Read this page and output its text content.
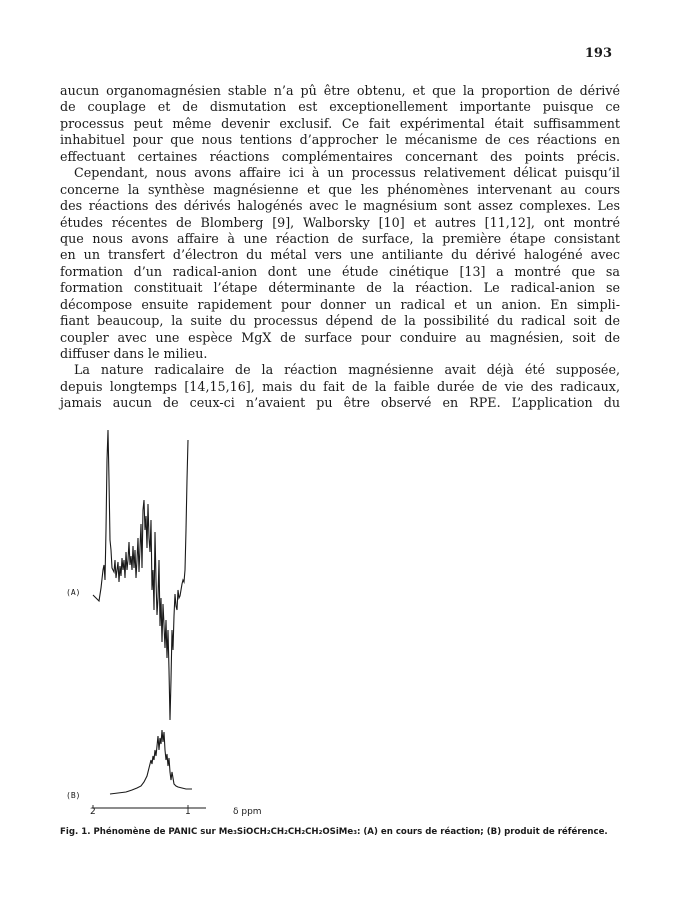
193
aucun organomagnésien stable n’a pû être obtenu, et que la proportion de dérivé
de couplage et de dismutation est exceptionellement importante puisque ce
processus peut même devenir exclusif. Ce fait expérimental était suffisamment
inhabituel pour que nous tentions d’approcher le mécanisme de ces réactions en
effectuant certaines réactions complémentaires concernant des points précis.
Cependant, nous avons affaire ici à un processus relativement délicat puisqu’il
concerne la synthèse magnésienne et que les phénomènes intervenant au cours
des réactions des dérivés halogénés avec le magnésium sont assez complexes. Les
études récentes de Blomberg [9], Walborsky [10] et autres [11,12], ont montré
que nous avons affaire à une réaction de surface, la première étape consistant
en un transfert d’électron du métal vers une antiliante du dérivé halogéné avec
formation d’un radical-anion dont une étude cinétique [13] a montré que sa
formation constituait l’étape déterminante de la réaction. Le radical-anion se
décompose ensuite rapidement pour donner un radical et un anion. En simpli-
fiant beaucoup, la suite du processus dépend de la possibilité du radical soit de
coupler avec une espèce MgX de surface pour conduire au magnésien, soit de
diffuser dans le milieu.
La nature radicalaire de la réaction magnésienne avait déjà été supposée,
depuis longtemps [14,15,16], mais du fait de la faible durée de vie des radicaux,
jamais aucun de ceux-ci n’avaient pu être observé en RPE. L’application du
(A)
(B)
2	1	δ ppm
Fig. 1. Phénomène de PANIC sur Me₃SiOCH₂CH₂CH₂CH₂OSiMe₃: (A) en cours de réaction; (B) produit de référence.
